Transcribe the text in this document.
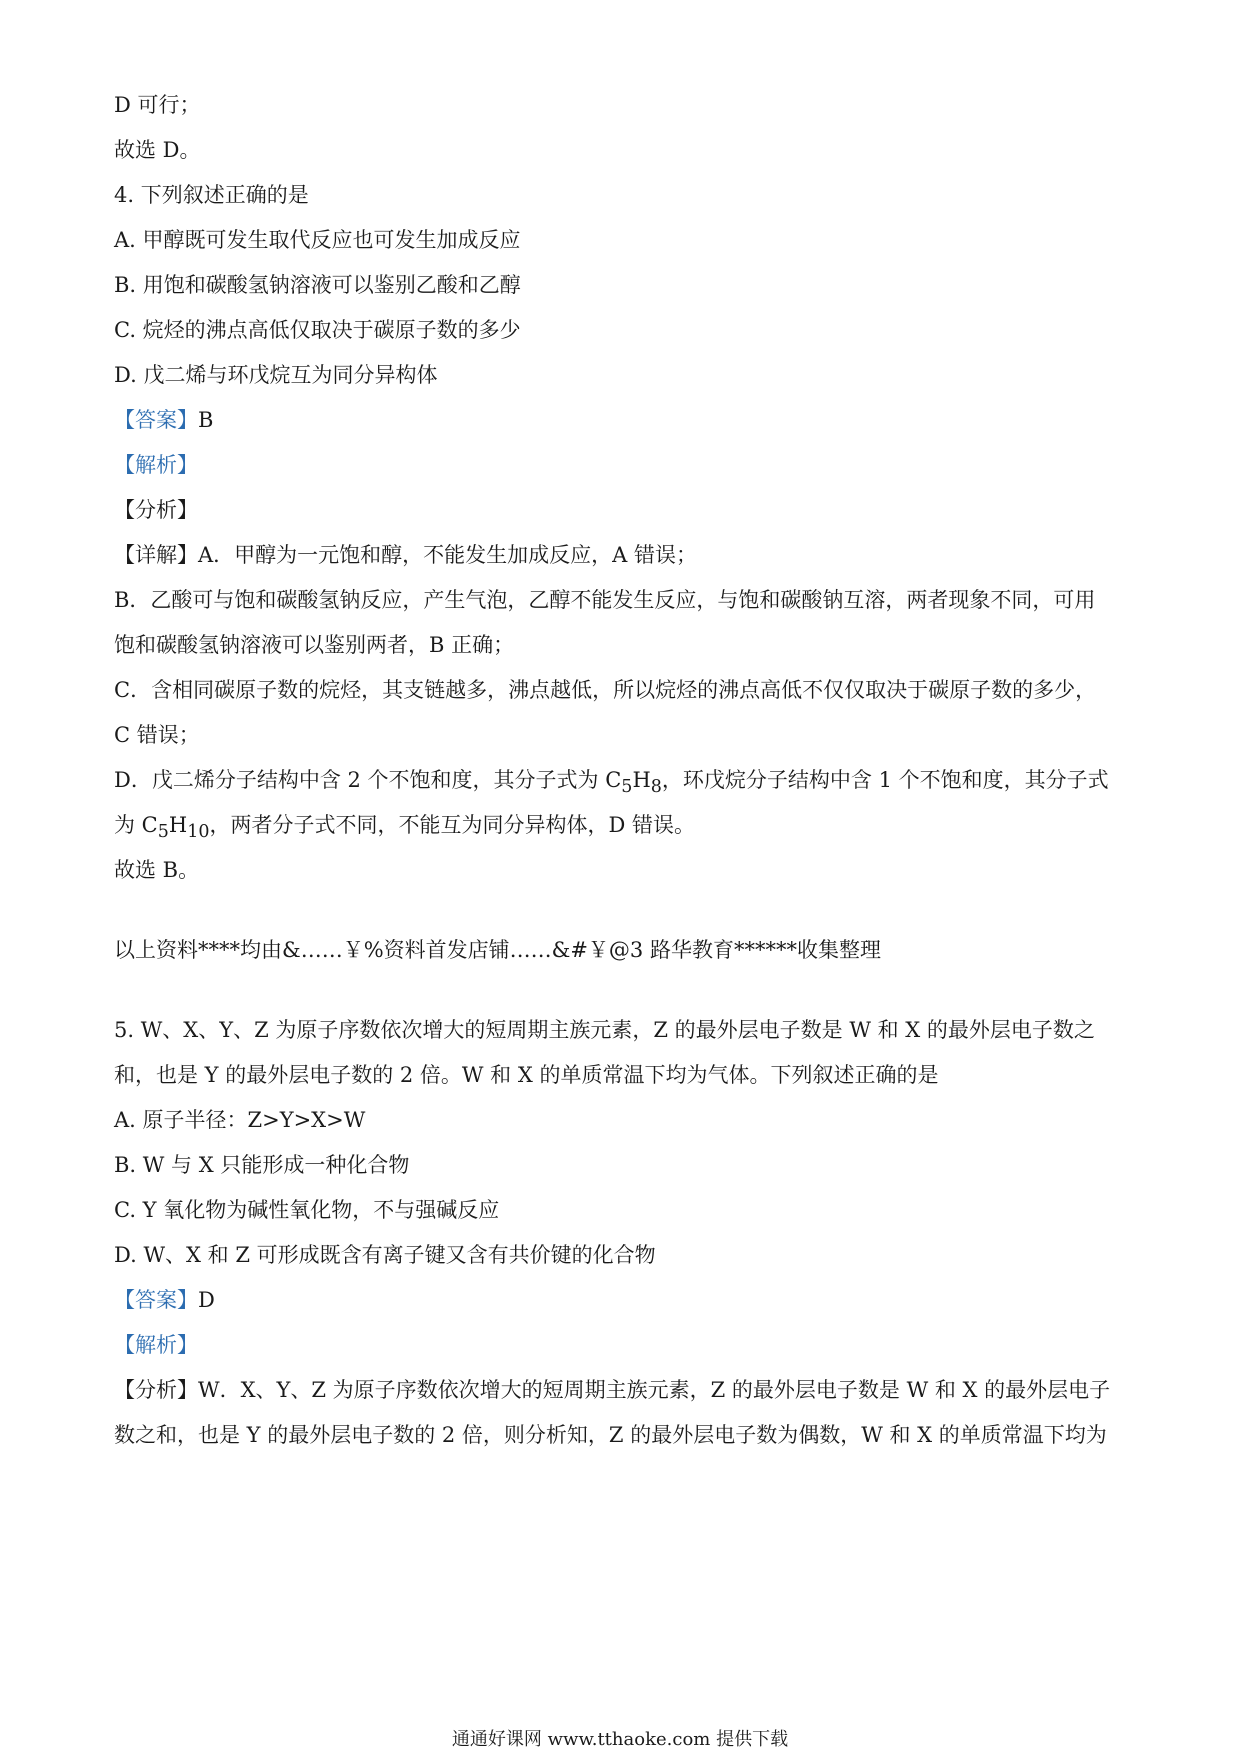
D 可行；
故选 D。
4. 下列叙述正确的是
A. 甲醇既可发生取代反应也可发生加成反应
B. 用饱和碳酸氢钠溶液可以鉴别乙酸和乙醇
C. 烷烃的沸点高低仅取决于碳原子数的多少
D. 戊二烯与环戊烷互为同分异构体
【答案】B
【解析】
【分析】
【详解】A．甲醇为一元饱和醇，不能发生加成反应，A 错误；
B．乙酸可与饱和碳酸氢钠反应，产生气泡，乙醇不能发生反应，与饱和碳酸钠互溶，两者现象不同，可用
饱和碳酸氢钠溶液可以鉴别两者，B 正确；
C．含相同碳原子数的烷烃，其支链越多，沸点越低，所以烷烃的沸点高低不仅仅取决于碳原子数的多少，
C 错误；
D．戊二烯分子结构中含 2 个不饱和度，其分子式为 $C_5H_8$，环戊烷分子结构中含 1 个不饱和度，其分子式
为 $C_5H_{10}$，两者分子式不同，不能互为同分异构体，D 错误。
故选 B。
以上资料****均由&……￥%资料首发店铺……&#￥@3 路华教育******收集整理
5. W、X、Y、Z 为原子序数依次增大的短周期主族元素，Z 的最外层电子数是 W 和 X 的最外层电子数之
和，也是 Y 的最外层电子数的 2 倍。W 和 X 的单质常温下均为气体。下列叙述正确的是
A. 原子半径：Z>Y>X>W
B. W 与 X 只能形成一种化合物
C. Y 氧化物为碱性氧化物，不与强碱反应
D. W、X 和 Z 可形成既含有离子键又含有共价键的化合物
【答案】D
【解析】
【分析】W．X、Y、Z 为原子序数依次增大的短周期主族元素，Z 的最外层电子数是 W 和 X 的最外层电子
数之和，也是 Y 的最外层电子数的 2 倍，则分析知，Z 的最外层电子数为偶数，W 和 X 的单质常温下均为
通通好课网 www.tthaoke.com 提供下载
